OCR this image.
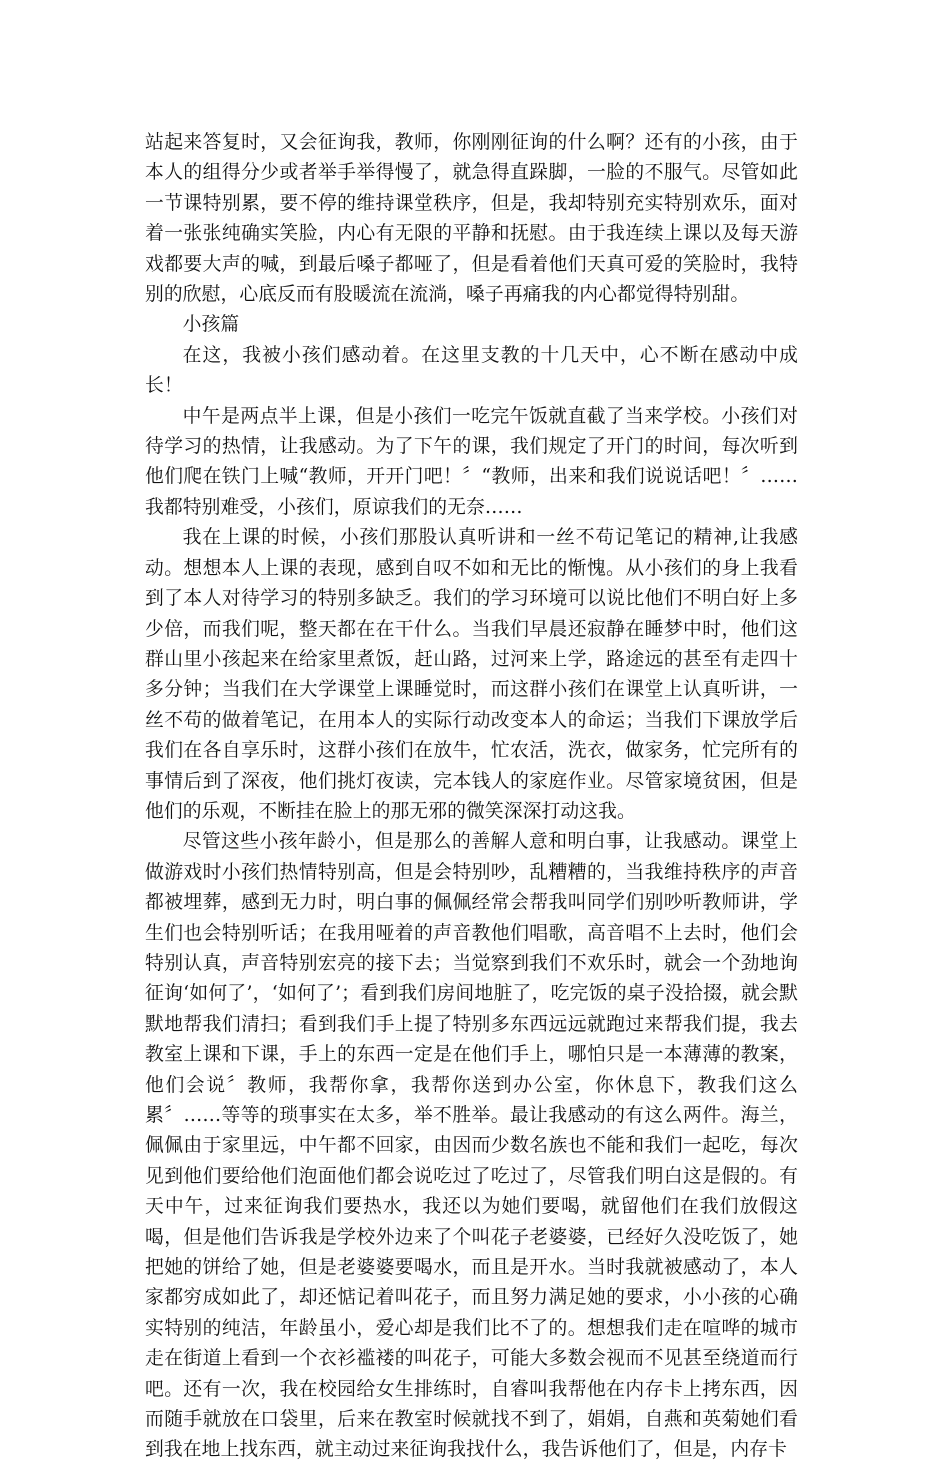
站起来答复时，又会征询我，教师，你刚刚征询的什么啊？还有的小孩，由于本人的组得分少或者举手举得慢了，就急得直跺脚，一脸的不服气。尽管如此一节课特别累，要不停的维持课堂秩序，但是，我却特别充实特别欢乐，面对着一张张纯确实笑脸，内心有无限的平静和抚慰。由于我连续上课以及每天游戏都要大声的喊，到最后嗓子都哑了，但是看着他们天真可爱的笑脸时，我特别的欣慰，心底反而有股暖流在流淌，嗓子再痛我的内心都觉得特别甜。

小孩篇

在这，我被小孩们感动着。在这里支教的十几天中，心不断在感动中成长！

中午是两点半上课，但是小孩们一吃完午饭就直截了当来学校。小孩们对待学习的热情，让我感动。为了下午的课，我们规定了开门的时间，每次听到他们爬在铁门上喊“教师，开开门吧！〞“教师，出来和我们说说话吧！〞……我都特别难受，小孩们，原谅我们的无奈……

我在上课的时候，小孩们那股认真听讲和一丝不苟记笔记的精神,让我感动。想想本人上课的表现，感到自叹不如和无比的惭愧。从小孩们的身上我看到了本人对待学习的特别多缺乏。我们的学习环境可以说比他们不明白好上多少倍，而我们呢，整天都在在干什么。当我们早晨还寂静在睡梦中时，他们这群山里小孩起来在给家里煮饭，赶山路，过河来上学，路途远的甚至有走四十多分钟；当我们在大学课堂上课睡觉时，而这群小孩们在课堂上认真听讲，一丝不苟的做着笔记，在用本人的实际行动改变本人的命运；当我们下课放学后我们在各自享乐时，这群小孩们在放牛，忙农活，洗衣，做家务，忙完所有的事情后到了深夜，他们挑灯夜读，完本钱人的家庭作业。尽管家境贫困，但是他们的乐观，不断挂在脸上的那无邪的微笑深深打动这我。

尽管这些小孩年龄小，但是那么的善解人意和明白事，让我感动。课堂上做游戏时小孩们热情特别高，但是会特别吵，乱糟糟的，当我维持秩序的声音都被埋葬，感到无力时，明白事的佩佩经常会帮我叫同学们别吵听教师讲，学生们也会特别听话；在我用哑着的声音教他们唱歌，高音唱不上去时，他们会特别认真，声音特别宏亮的接下去；当觉察到我们不欢乐时，就会一个劲地询征询‘如何了’，‘如何了’；看到我们房间地脏了，吃完饭的桌子没拾掇，就会默默地帮我们清扫；看到我们手上提了特别多东西远远就跑过来帮我们提，我去教室上课和下课，手上的东西一定是在他们手上，哪怕只是一本薄薄的教案，他们会说〞教师，我帮你拿，我帮你送到办公室，你休息下，教我们这么累〞……等等的琐事实在太多，举不胜举。最让我感动的有这么两件。海兰，佩佩由于家里远，中午都不回家，由因而少数名族也不能和我们一起吃，每次见到他们要给他们泡面他们都会说吃过了吃过了，尽管我们明白这是假的。有天中午，过来征询我们要热水，我还以为她们要喝，就留他们在我们放假这喝，但是他们告诉我是学校外边来了个叫花子老婆婆，已经好久没吃饭了，她把她的饼给了她，但是老婆婆要喝水，而且是开水。当时我就被感动了，本人家都穷成如此了，却还惦记着叫花子，而且努力满足她的要求，小小孩的心确实特别的纯洁，年龄虽小，爱心却是我们比不了的。想想我们走在喧哗的城市走在街道上看到一个衣衫褴褛的叫花子，可能大多数会视而不见甚至绕道而行吧。还有一次，我在校园给女生排练时，自睿叫我帮他在内存卡上拷东西，因而随手就放在口袋里，后来在教室时候就找不到了，娟娟，自燕和英菊她们看到我在地上找东西，就主动过来征询我找什么，我告诉他们了，但是，内存卡
